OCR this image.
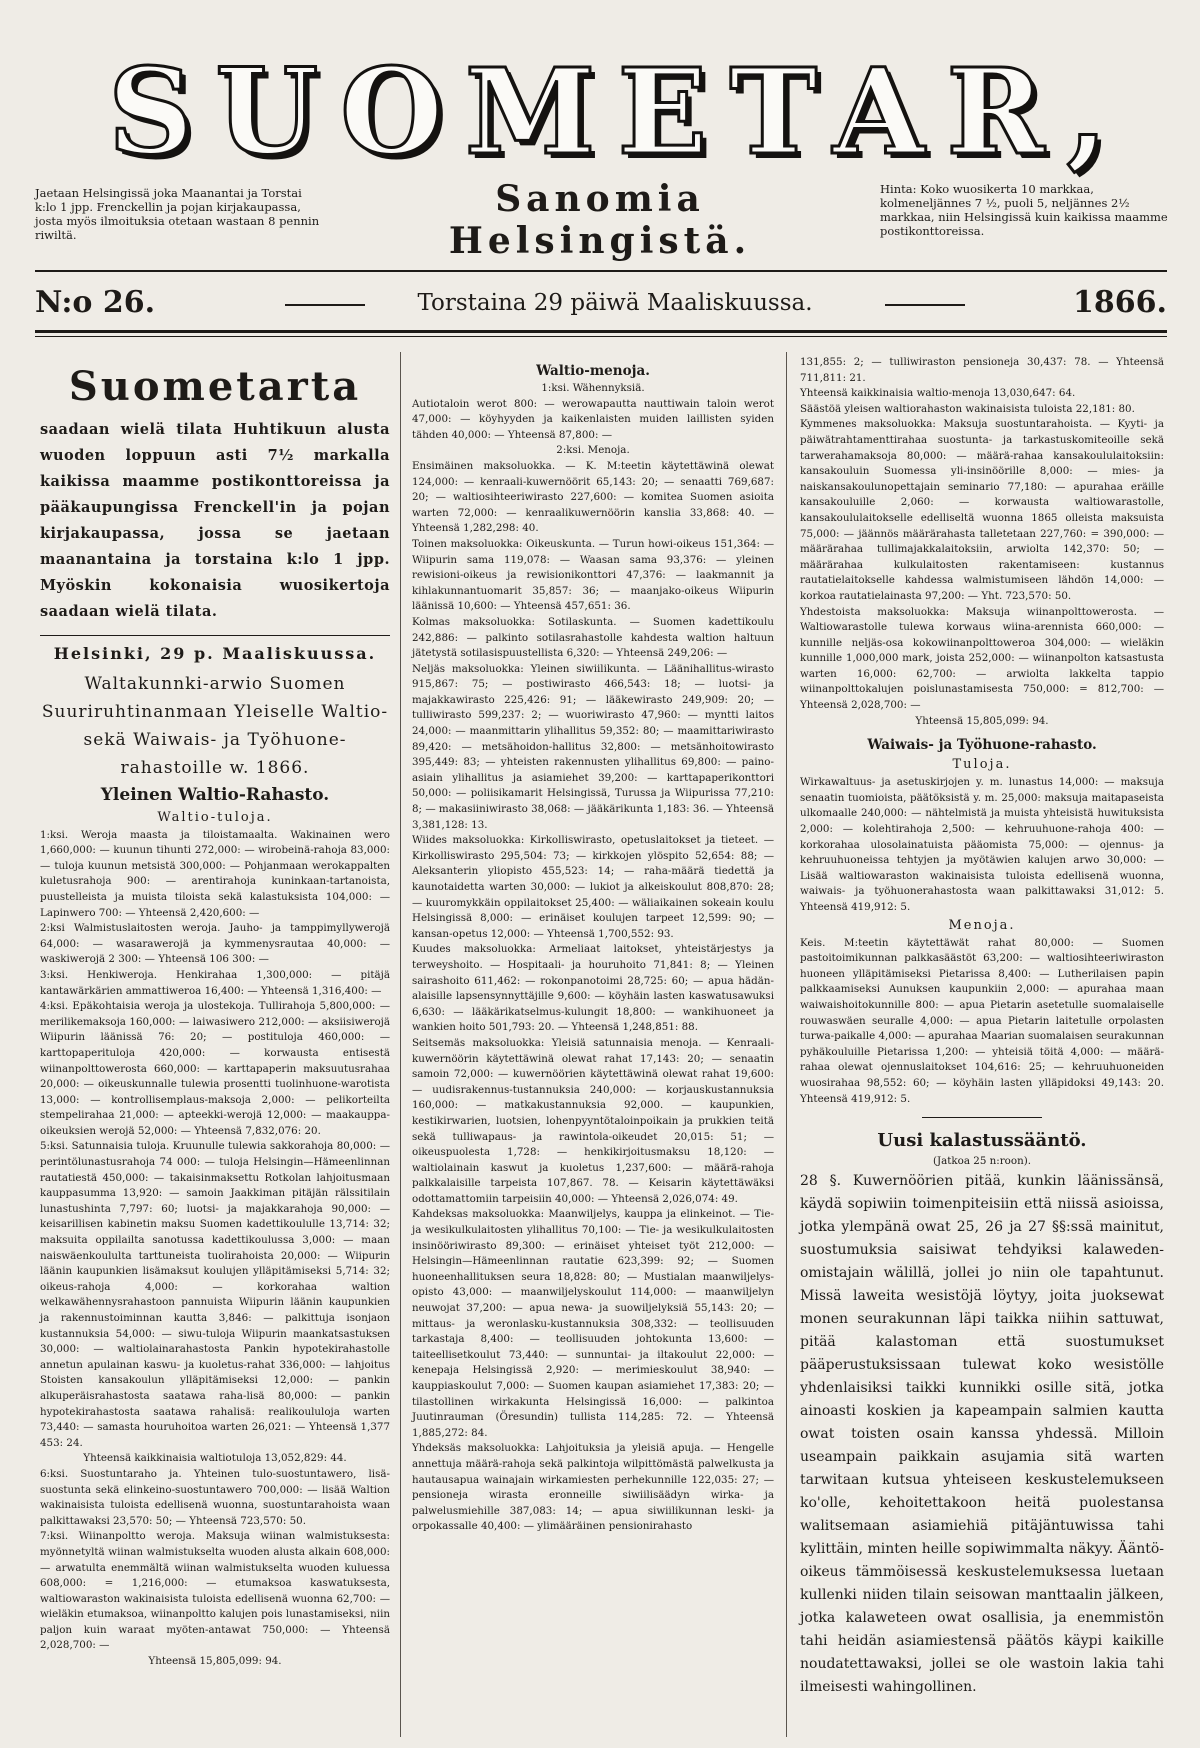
SUOMETAR,
Jaetaan Helsingissä joka Maanantai ja Torstai k:lo 1 jpp. Frenckellin ja pojan kirjakaupassa, josta myös ilmoituksia otetaan wastaan 8 pennin riwiltä.
Sanomia Helsingistä.
Hinta: Koko wuosikerta 10 markkaa, kolmeneljännes 7 ½, puoli 5, neljännes 2½ markkaa, niin Helsingissä kuin kaikissa maamme postikonttoreissa.
N:o 26.	Torstaina 29 päiwä Maaliskuussa.	1866.

Suometarta

saadaan wielä tilata Huhtikuun alusta wuoden loppuun asti 7½ markalla kaikissa maamme postikonttoreissa ja pääkaupungissa Frenckell'in ja pojan kirjakaupassa, jossa se jaetaan maanantaina ja torstaina k:lo 1 jpp. Myöskin kokonaisia wuosikertoja saadaan wielä tilata.

Helsinki, 29 p. Maaliskuussa.

Waltakunnki-arwio Suomen Suuriruhtinanmaan Yleiselle Waltio- sekä Waiwais- ja Työhuone-rahastoille w. 1866.

Yleinen Waltio-Rahasto.

Waltio-tuloja.

1:ksi. Weroja maasta ja tiloistamaalta. Wakinainen wero 1,660,000: — kuunun tihunti 272,000: — wirobeinä-rahoja 83,000: — tuloja kuunun metsistä 300,000: — Pohjanmaan werokappalten kuletusrahoja 900: — arentirahoja kuninkaan-tartanoista, puustelleista ja muista tiloista sekä kalastuksista 104,000: — Lapinwero 700: — Yhteensä 2,420,600: —

2:ksi Walmistuslaitosten weroja. Jauho- ja tamppimyllywerojä 64,000: — wasarawerojä ja kymmenysrautaa 40,000: — waskiwerojä 2 300: — Yhteensä 106 300: —

3:ksi. Henkiweroja. Henkirahaa 1,300,000: — pitäjä kantawärkärien ammattiweroa 16,400: — Yhteensä 1,316,400: —

4:ksi. Epäkohtaisia weroja ja ulostekoja. Tullirahoja 5,800,000: — merilikemaksoja 160,000: — laiwasiwero 212,000: — aksiisiwerojä Wiipurin läänissä 76: 20; — postituloja 460,000: — karttopaperituloja 420,000: — korwausta entisestä wiinanpolttowerosta 660,000: — karttapaperin maksuutusrahaa 20,000: — oikeuskunnalle tulewia prosentti tuolinhuone-warotista 13,000: — kontrollisemplaus-maksoja 2,000: — pelikorteilta stempelirahaa 21,000: — apteekki-werojä 12,000: — maakauppa-oikeuksien werojä 52,000: — Yhteensä 7,832,076: 20.

5:ksi. Satunnaisia tuloja. Kruunulle tulewia sakkorahoja 80,000: — perintölunastusrahoja 74 000: — tuloja Helsingin—Hämeenlinnan rautatiestä 450,000: — takaisinmaksettu Rotkolan lahjoitusmaan kauppasumma 13,920: — samoin Jaakkiman pitäjän rälssitilain lunastushinta 7,797: 60; luotsi- ja majakkarahoja 90,000: — keisarillisen kabinetin maksu Suomen kadettikoululle 13,714: 32; maksuita oppilailta sanotussa kadettikoulussa 3,000: — maan naiswäenkoululta tarttuneista tuolirahoista 20,000: — Wiipurin läänin kaupunkien lisämaksut koulujen ylläpitämiseksi 5,714: 32; oikeus-rahoja 4,000: — korkorahaa waltion welkawähennysrahastoon pannuista Wiipurin läänin kaupunkien ja rakennustoiminnan kautta 3,846: — palkittuja isonjaon kustannuksia 54,000: — siwu-tuloja Wiipurin maankatsastuksen 30,000: — waltiolainarahastosta Pankin hypotekirahastolle annetun apulainan kaswu- ja kuoletus-rahat 336,000: — lahjoitus Stoisten kansakoulun ylläpitämiseksi 12,000: — pankin alkuperäisrahastosta saatawa raha-lisä 80,000: — pankin hypotekirahastosta saatawa rahalisä: realikoululoja warten 73,440: — samasta houruhoitoa warten 26,021: — Yhteensä 1,377 453: 24.

Yhteensä kaikkinaisia waltiotuloja 13,052,829: 44.

6:ksi. Suostuntaraho ja. Yhteinen tulo-suostuntawero, lisä-suostunta sekä elinkeino-suostuntawero 700,000: — lisää Waltion wakinaisista tuloista edellisenä wuonna, suostuntarahoista waan palkittawaksi 23,570: 50; — Yhteensä 723,570: 50.

7:ksi. Wiinanpoltto weroja. Maksuja wiinan walmistuksesta: myönnetyltä wiinan walmistukselta wuoden alusta alkain 608,000: — arwatulta enemmältä wiinan walmistukselta wuoden kuluessa 608,000: = 1,216,000: — etumaksoa kaswatuksesta, waltiowaraston wakinaisista tuloista edellisenä wuonna 62,700: — wieläkin etumaksoa, wiinanpoltto kalujen pois lunastamiseksi, niin paljon kuin waraat myöten-antawat 750,000: — Yhteensä 2,028,700: —

Yhteensä 15,805,099: 94.

Waltio-menoja.

1:ksi. Wähennyksiä.

Autiotaloin werot 800: — werowapautta nauttiwain taloin werot 47,000: — köyhyyden ja kaikenlaisten muiden laillisten syiden tähden 40,000: — Yhteensä 87,800: —

2:ksi. Menoja.

Ensimäinen maksoluokka. — K. M:teetin käytettäwinä olewat 124,000: — kenraali-kuwernöörit 65,143: 20; — senaatti 769,687: 20; — waltiosihteeriwirasto 227,600: — komitea Suomen asioita warten 72,000: — kenraalikuwernöörin kanslia 33,868: 40. — Yhteensä 1,282,298: 40.

Toinen maksoluokka: Oikeuskunta. — Turun howi-oikeus 151,364: — Wiipurin sama 119,078: — Waasan sama 93,376: — yleinen rewisioni-oikeus ja rewisionikonttori 47,376: — laakmannit ja kihlakunnantuomarit 35,857: 36; — maanjako-oikeus Wiipurin läänissä 10,600: — Yhteensä 457,651: 36.

Kolmas maksoluokka: Sotilaskunta. — Suomen kadettikoulu 242,886: — palkinto sotilasrahastolle kahdesta waltion haltuun jätetystä sotilasispuustellista 6,320: — Yhteensä 249,206: —

Neljäs maksoluokka: Yleinen siwiilikunta. — Läänihallitus-wirasto 915,867: 75; — postiwirasto 466,543: 18; — luotsi- ja majakkawirasto 225,426: 91; — lääkewirasto 249,909: 20; — tulliwirasto 599,237: 2; — wuoriwirasto 47,960: — myntti laitos 24,000: — maanmittarin ylihallitus 59,352: 80; — maamittariwirasto 89,420: — metsähoidon-hallitus 32,800: — metsänhoitowirasto 395,449: 83; — yhteisten rakennusten ylihallitus 69,800: — paino-asiain ylihallitus ja asiamiehet 39,200: — karttapaperikonttori 50,000: — poliisikamarit Helsingissä, Turussa ja Wiipurissa 77,210: 8; — makasiiniwirasto 38,068: — jääkärikunta 1,183: 36. — Yhteensä 3,381,128: 13.

Wiides maksoluokka: Kirkolliswirasto, opetuslaitokset ja tieteet. — Kirkolliswirasto 295,504: 73; — kirkkojen ylöspito 52,654: 88; — Aleksanterin yliopisto 455,523: 14; — raha-määrä tiedettä ja kaunotaidetta warten 30,000: — lukiot ja alkeiskoulut 808,870: 28; — kuuromykkäin oppilaitokset 25,400: — wäliaikainen sokeain koulu Helsingissä 8,000: — erinäiset koulujen tarpeet 12,599: 90; — kansan-opetus 12,000: — Yhteensä 1,700,552: 93.

Kuudes maksoluokka: Armeliaat laitokset, yhteistärjestys ja terweyshoito. — Hospitaali- ja houruhoito 71,841: 8; — Yleinen sairashoito 611,462: — rokonpanotoimi 28,725: 60; — apua hädän-alaisille lapsensynnyttäjille 9,600: — köyhäin lasten kaswatusawuksi 6,630: — lääkärikatselmus-kulungit 18,800: — wankihuoneet ja wankien hoito 501,793: 20. — Yhteensä 1,248,851: 88.

Seitsemäs maksoluokka: Yleisiä satunnaisia menoja. — Kenraali-kuwernöörin käytettäwinä olewat rahat 17,143: 20; — senaatin samoin 72,000: — kuwernöörien käytettäwinä olewat rahat 19,600: — uudisrakennus-tustannuksia 240,000: — korjauskustannuksia 160,000: — matkakustannuksia 92,000. — kaupunkien, kestikirwarien, luotsien, lohenpyyntötaloinpoikain ja prukkien teitä sekä tulliwapaus- ja rawintola-oikeudet 20,015: 51; — oikeuspuolesta 1,728: — henkikirjoitusmaksu 18,120: — waltiolainain kaswut ja kuoletus 1,237,600: — määrä-rahoja palkkalaisille tarpeista 107,867. 78. — Keisarin käytettäwäksi odottamattomiin tarpeisiin 40,000: — Yhteensä 2,026,074: 49.

Kahdeksas maksoluokka: Maanwiljelys, kauppa ja elinkeinot. — Tie- ja wesikulkulaitosten ylihallitus 70,100: — Tie- ja wesikulkulaitosten insinööriwirasto 89,300: — erinäiset yhteiset työt 212,000: — Helsingin—Hämeenlinnan rautatie 623,399: 92; — Suomen huoneenhallituksen seura 18,828: 80; — Mustialan maanwiljelys-opisto 43,000: — maanwiljelyskoulut 114,000: — maanwiljelyn neuwojat 37,200: — apua newa- ja suowiljelyksiä 55,143: 20; — mittaus- ja weronlasku-kustannuksia 308,332: — teollisuuden tarkastaja 8,400: — teollisuuden johtokunta 13,600: — taiteellisetkoulut 73,440: — sunnuntai- ja iltakoulut 22,000: — kenepaja Helsingissä 2,920: — merimieskoulut 38,940: — kauppiaskoulut 7,000: — Suomen kaupan asiamiehet 17,383: 20; — tilastollinen wirkakunta Helsingissä 16,000: — palkintoa Juutinrauman (Öresundin) tullista 114,285: 72. — Yhteensä 1,885,272: 84.

Yhdeksäs maksoluokka: Lahjoituksia ja yleisiä apuja. — Hengelle annettuja määrä-rahoja sekä palkintoja wilpittömästä palwelkusta ja hautausapua wainajain wirkamiesten perhekunnille 122,035: 27; — pensioneja wirasta eronneille siwiilisäädyn wirka- ja palwelusmiehille 387,083: 14; — apua siwiilikunnan leski- ja orpokassalle 40,400: — ylimääräinen pensionirahasto

131,855: 2; — tulliwiraston pensioneja 30,437: 78. — Yhteensä 711,811: 21.

Yhteensä kaikkinaisia waltio-menoja 13,030,647: 64.

Säästöä yleisen waltiorahaston wakinaisista tuloista 22,181: 80.

Kymmenes maksoluokka: Maksuja suostuntarahoista. — Kyyti- ja päiwätrahtamenttirahaa suostunta- ja tarkastuskomiteoille sekä tarwerahamaksoja 80,000: — määrä-rahaa kansakoululaitoksiin: kansakouluin Suomessa yli-insinöörille 8,000: — mies- ja naiskansakoulunopettajain seminario 77,180: — apurahaa eräille kansakouluille 2,060: — korwausta waltiowarastolle, kansakoululaitokselle edelliseltä wuonna 1865 olleista maksuista 75,000: — jäännös määrärahasta talletetaan 227,760: = 390,000: — määrärahaa tullimajakkalaitoksiin, arwiolta 142,370: 50; — määrärahaa kulkulaitosten rakentamiseen: kustannus rautatielaitokselle kahdessa walmistumiseen lähdön 14,000: — korkoa rautatielainasta 97,200: — Yht. 723,570: 50.

Yhdestoista maksoluokka: Maksuja wiinanpolttowerosta. — Waltiowarastolle tulewa korwaus wiina-arennista 660,000: — kunnille neljäs-osa kokowiinanpolttoweroa 304,000: — wieläkin kunnille 1,000,000 mark, joista 252,000: — wiinanpolton katsastusta warten 16,000: 62,700: — arwiolta lakkelta tappio wiinanpolttokalujen poislunastamisesta 750,000: = 812,700: — Yhteensä 2,028,700: —

Yhteensä 15,805,099: 94.

Waiwais- ja Työhuone-rahasto.

Tuloja.

Wirkawaltuus- ja asetuskirjojen y. m. lunastus 14,000: — maksuja senaatin tuomioista, päätöksistä y. m. 25,000: maksuja maitapaseista ulkomaalle 240,000: — nähtelmistä ja muista yhteisistä huwituksista 2,000: — kolehtirahoja 2,500: — kehruuhuone-rahoja 400: — korkorahaa ulosolainatuista pääomista 75,000: — ojennus- ja kehruuhuoneissa tehtyjen ja myötäwien kalujen arwo 30,000: — Lisää waltiowaraston wakinaisista tuloista edellisenä wuonna, waiwais- ja työhuonerahastosta waan palkittawaksi 31,012: 5. Yhteensä 419,912: 5.

Menoja.

Keis. M:teetin käytettäwät rahat 80,000: — Suomen pastoitoimikunnan palkkasäästöt 63,200: — waltiosihteeriwiraston huoneen ylläpitämiseksi Pietarissa 8,400: — Lutherilaisen papin palkkaamiseksi Aunuksen kaupunkiin 2,000: — apurahaa maan waiwaishoitokunnille 800: — apua Pietarin asetetulle suomalaiselle rouwaswäen seuralle 4,000: — apua Pietarin laitetulle orpolasten turwa-paikalle 4,000: — apurahaa Maarian suomalaisen seurakunnan pyhäkouluille Pietarissa 1,200: — yhteisiä töitä 4,000: — määrä-rahaa olewat ojennuslaitokset 104,616: 25; — kehruuhuoneiden wuosirahaa 98,552: 60; — köyhäin lasten ylläpidoksi 49,143: 20. Yhteensä 419,912: 5.

Uusi kalastussääntö.

(Jatkoa 25 n:roon).

28 §. Kuwernöörien pitää, kunkin läänissänsä, käydä sopiwiin toimenpiteisiin että niissä asioissa, jotka ylempänä owat 25, 26 ja 27 §§:ssä mainitut, suostumuksia saisiwat tehdyiksi kalaweden-omistajain wälillä, jollei jo niin ole tapahtunut. Missä laweita wesistöjä löytyy, joita juoksewat monen seurakunnan läpi taikka niihin sattuwat, pitää kalastoman että suostumukset pääperustuksissaan tulewat koko wesistölle yhdenlaisiksi taikki kunnikki osille sitä, jotka ainoasti koskien ja kapeampain salmien kautta owat toisten osain kanssa yhdessä. Milloin useampain paikkain asujamia sitä warten tarwitaan kutsua yhteiseen keskustelemukseen ko'olle, kehoitettakoon heitä puolestansa walitsemaan asiamiehiä pitäjäntuwissa tahi kylittäin, minten heille sopiwimmalta näkyy. Ääntö-oikeus tämmöisessä keskustelemuksessa luetaan kullenki niiden tilain seisowan manttaalin jälkeen, jotka kalaweteen owat osallisia, ja enemmistön tahi heidän asiamiestensä päätös käypi kaikille noudatettawaksi, jollei se ole wastoin lakia tahi ilmeisesti wahingollinen.
